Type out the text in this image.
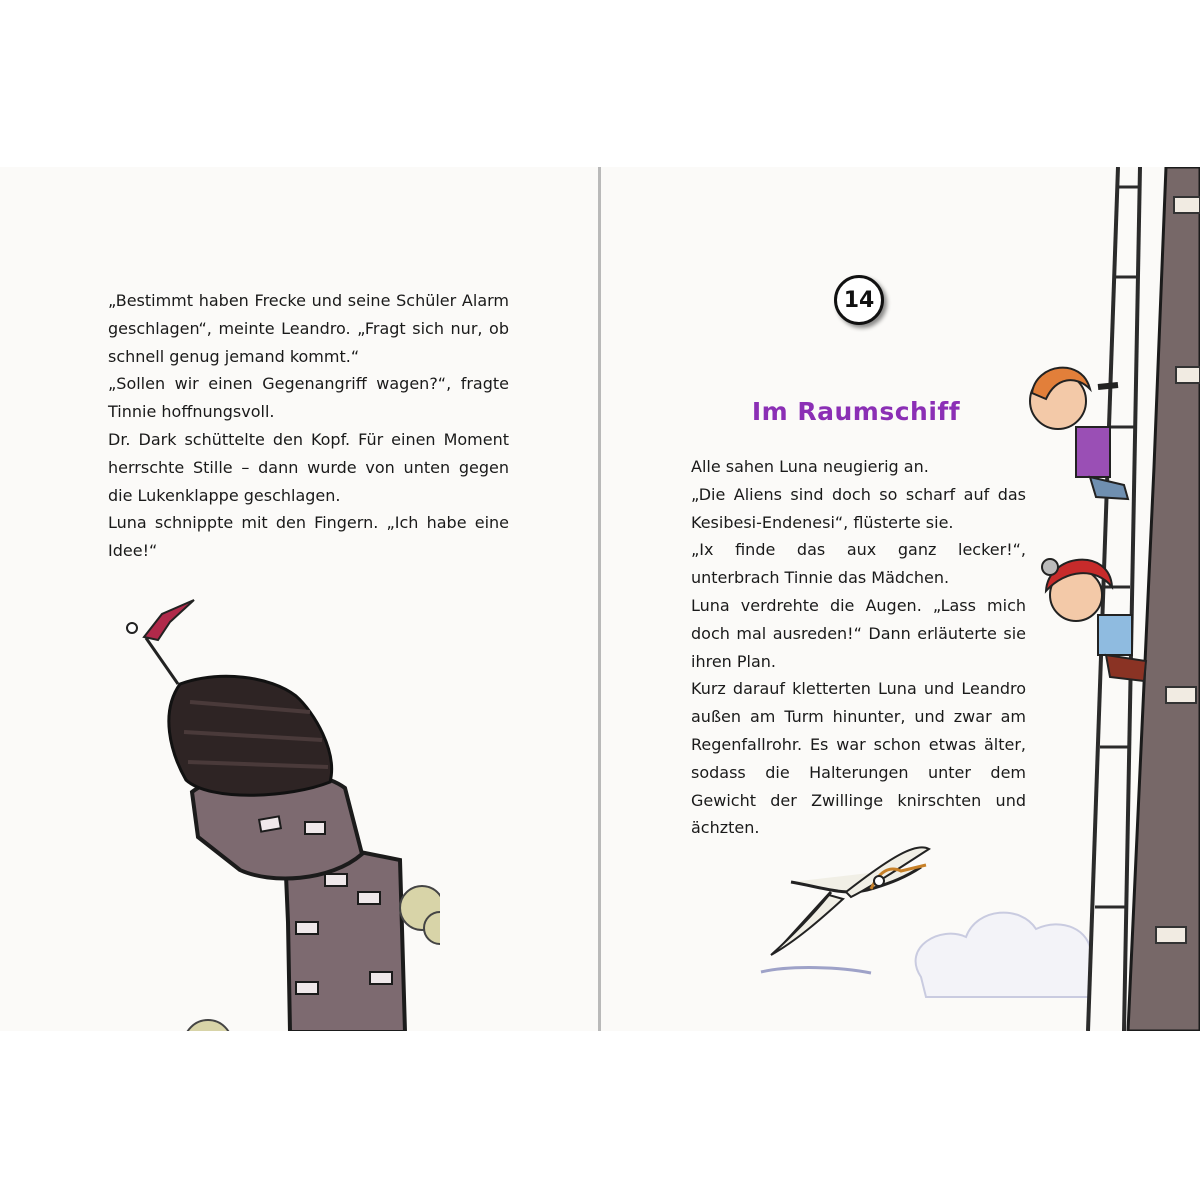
„Bestimmt haben Frecke und seine Schüler Alarm geschlagen“, meinte Leandro. „Fragt sich nur, ob schnell genug jemand kommt.“

„Sollen wir einen Gegenangriff wagen?“, fragte Tinnie hoffnungsvoll.

Dr. Dark schüttelte den Kopf. Für einen Moment herrschte Stille – dann wurde von unten gegen die Lukenklappe geschlagen.

Luna schnippte mit den Fingern. „Ich habe eine Idee!“

14
Im Raumschiff

Alle sahen Luna neugierig an.

„Die Aliens sind doch so scharf auf das Kesibesi-Endenesi“, flüsterte sie.

„Ix finde das aux ganz lecker!“, unterbrach Tinnie das Mädchen.

Luna verdrehte die Augen. „Lass mich doch mal ausreden!“ Dann erläuterte sie ihren Plan.

Kurz darauf kletterten Luna und Leandro außen am Turm hinunter, und zwar am Regenfallrohr. Es war schon etwas älter, sodass die Halterungen unter dem Gewicht der Zwillinge knirschten und ächzten.
